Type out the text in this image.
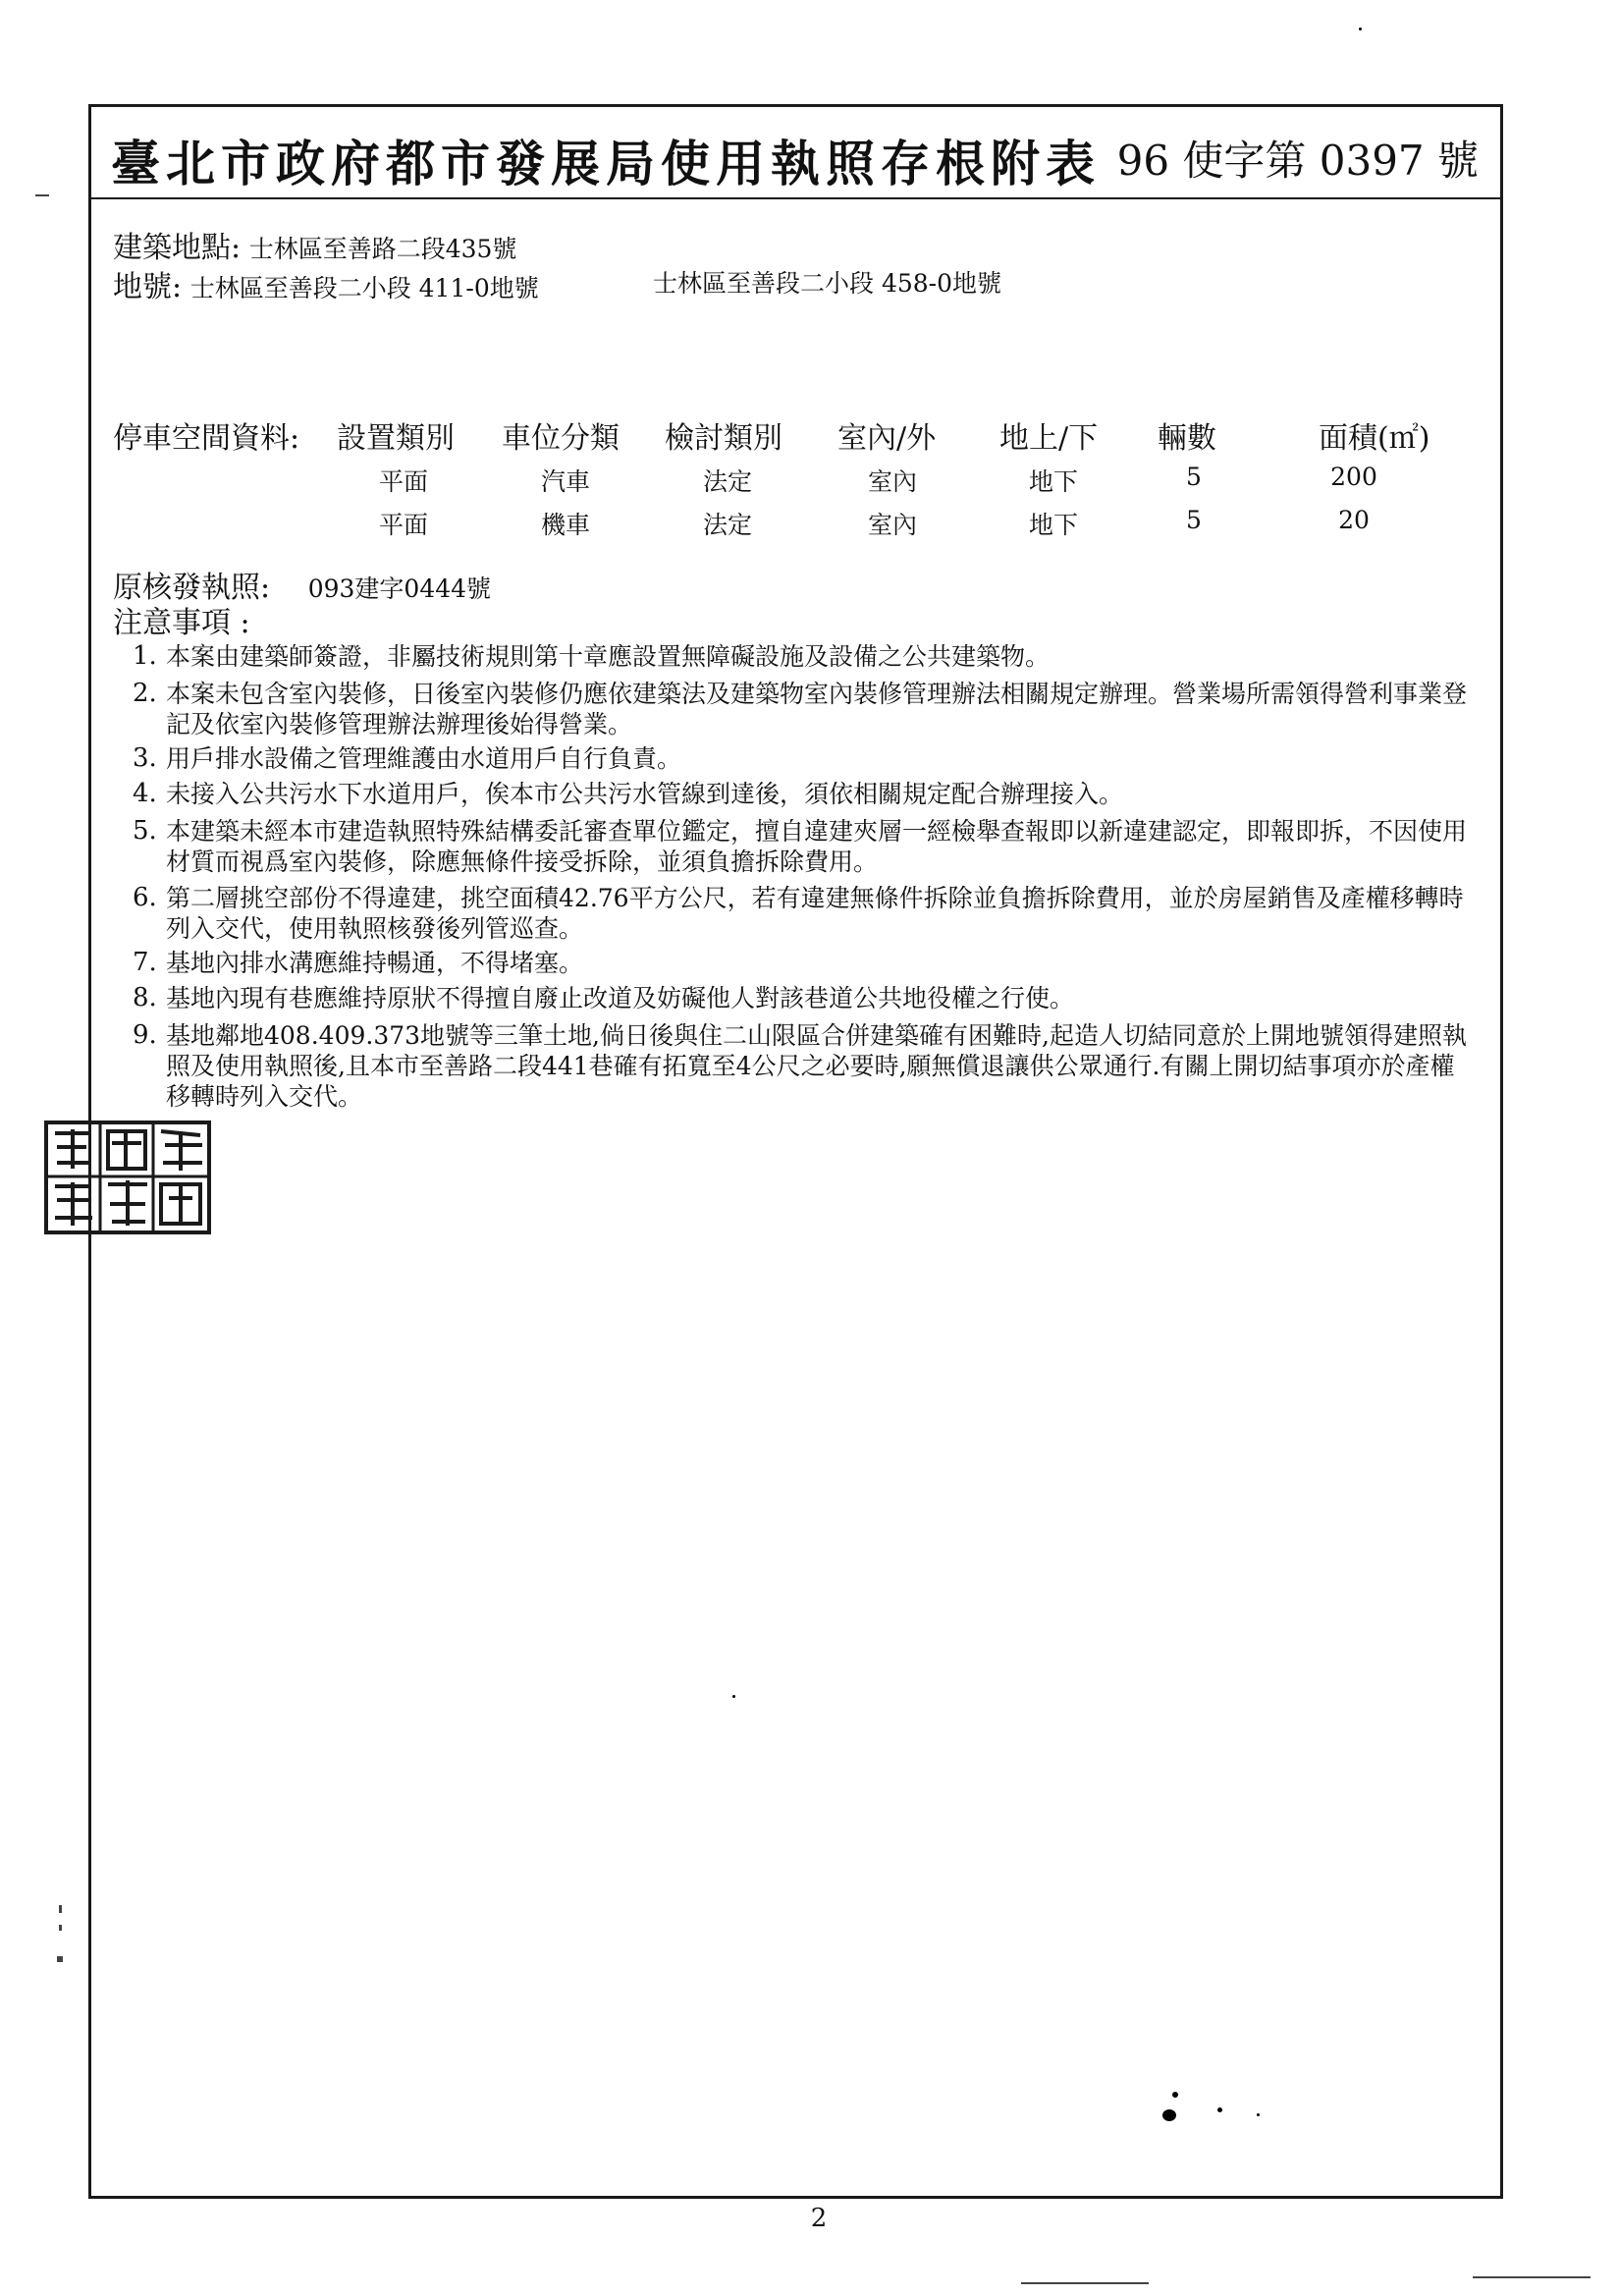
臺北市政府都市發展局使用執照存根附表 96 使字第 0397 號
建築地點: 士林區至善路二段435號
地號: 士林區至善段二小段 411-0地號	士林區至善段二小段 458-0地號
停車空間資料: 設置類別 車位分類 檢討類別 室內/外 地上/下 輛數	面積(㎡)
平面	汽車	法定	室內	地下	5	200
平面	機車	法定	室內	地下	5	20
原核發執照: 093建字0444號
注意事項 :
1. 本案由建築師簽證，非屬技術規則第十章應設置無障礙設施及設備之公共建築物。
2. 本案未包含室內裝修，日後室內裝修仍應依建築法及建築物室內裝修管理辦法相關規定辦理。營業場所需領得營利事業登記及依室內裝修管理辦法辦理後始得營業。
3. 用戶排水設備之管理維護由水道用戶自行負責。
4. 未接入公共污水下水道用戶，俟本市公共污水管線到達後，須依相關規定配合辦理接入。
5. 本建築未經本市建造執照特殊結構委託審查單位鑑定，擅自違建夾層一經檢舉查報即以新違建認定，即報即拆，不因使用材質而視爲室內裝修，除應無條件接受拆除，並須負擔拆除費用。
6. 第二層挑空部份不得違建，挑空面積42.76平方公尺，若有違建無條件拆除並負擔拆除費用，並於房屋銷售及產權移轉時列入交代，使用執照核發後列管巡查。
7. 基地內排水溝應維持暢通，不得堵塞。
8. 基地內現有巷應維持原狀不得擅自廢止改道及妨礙他人對該巷道公共地役權之行使。
9. 基地鄰地408.409.373地號等三筆土地,倘日後與住二山限區合併建築確有困難時,起造人切結同意於上開地號領得建照執照及使用執照後,且本市至善路二段441巷確有拓寬至4公尺之必要時,願無償退讓供公眾通行.有關上開切結事項亦於產權移轉時列入交代。
臺北市政府都市發展局騎縫章
2
